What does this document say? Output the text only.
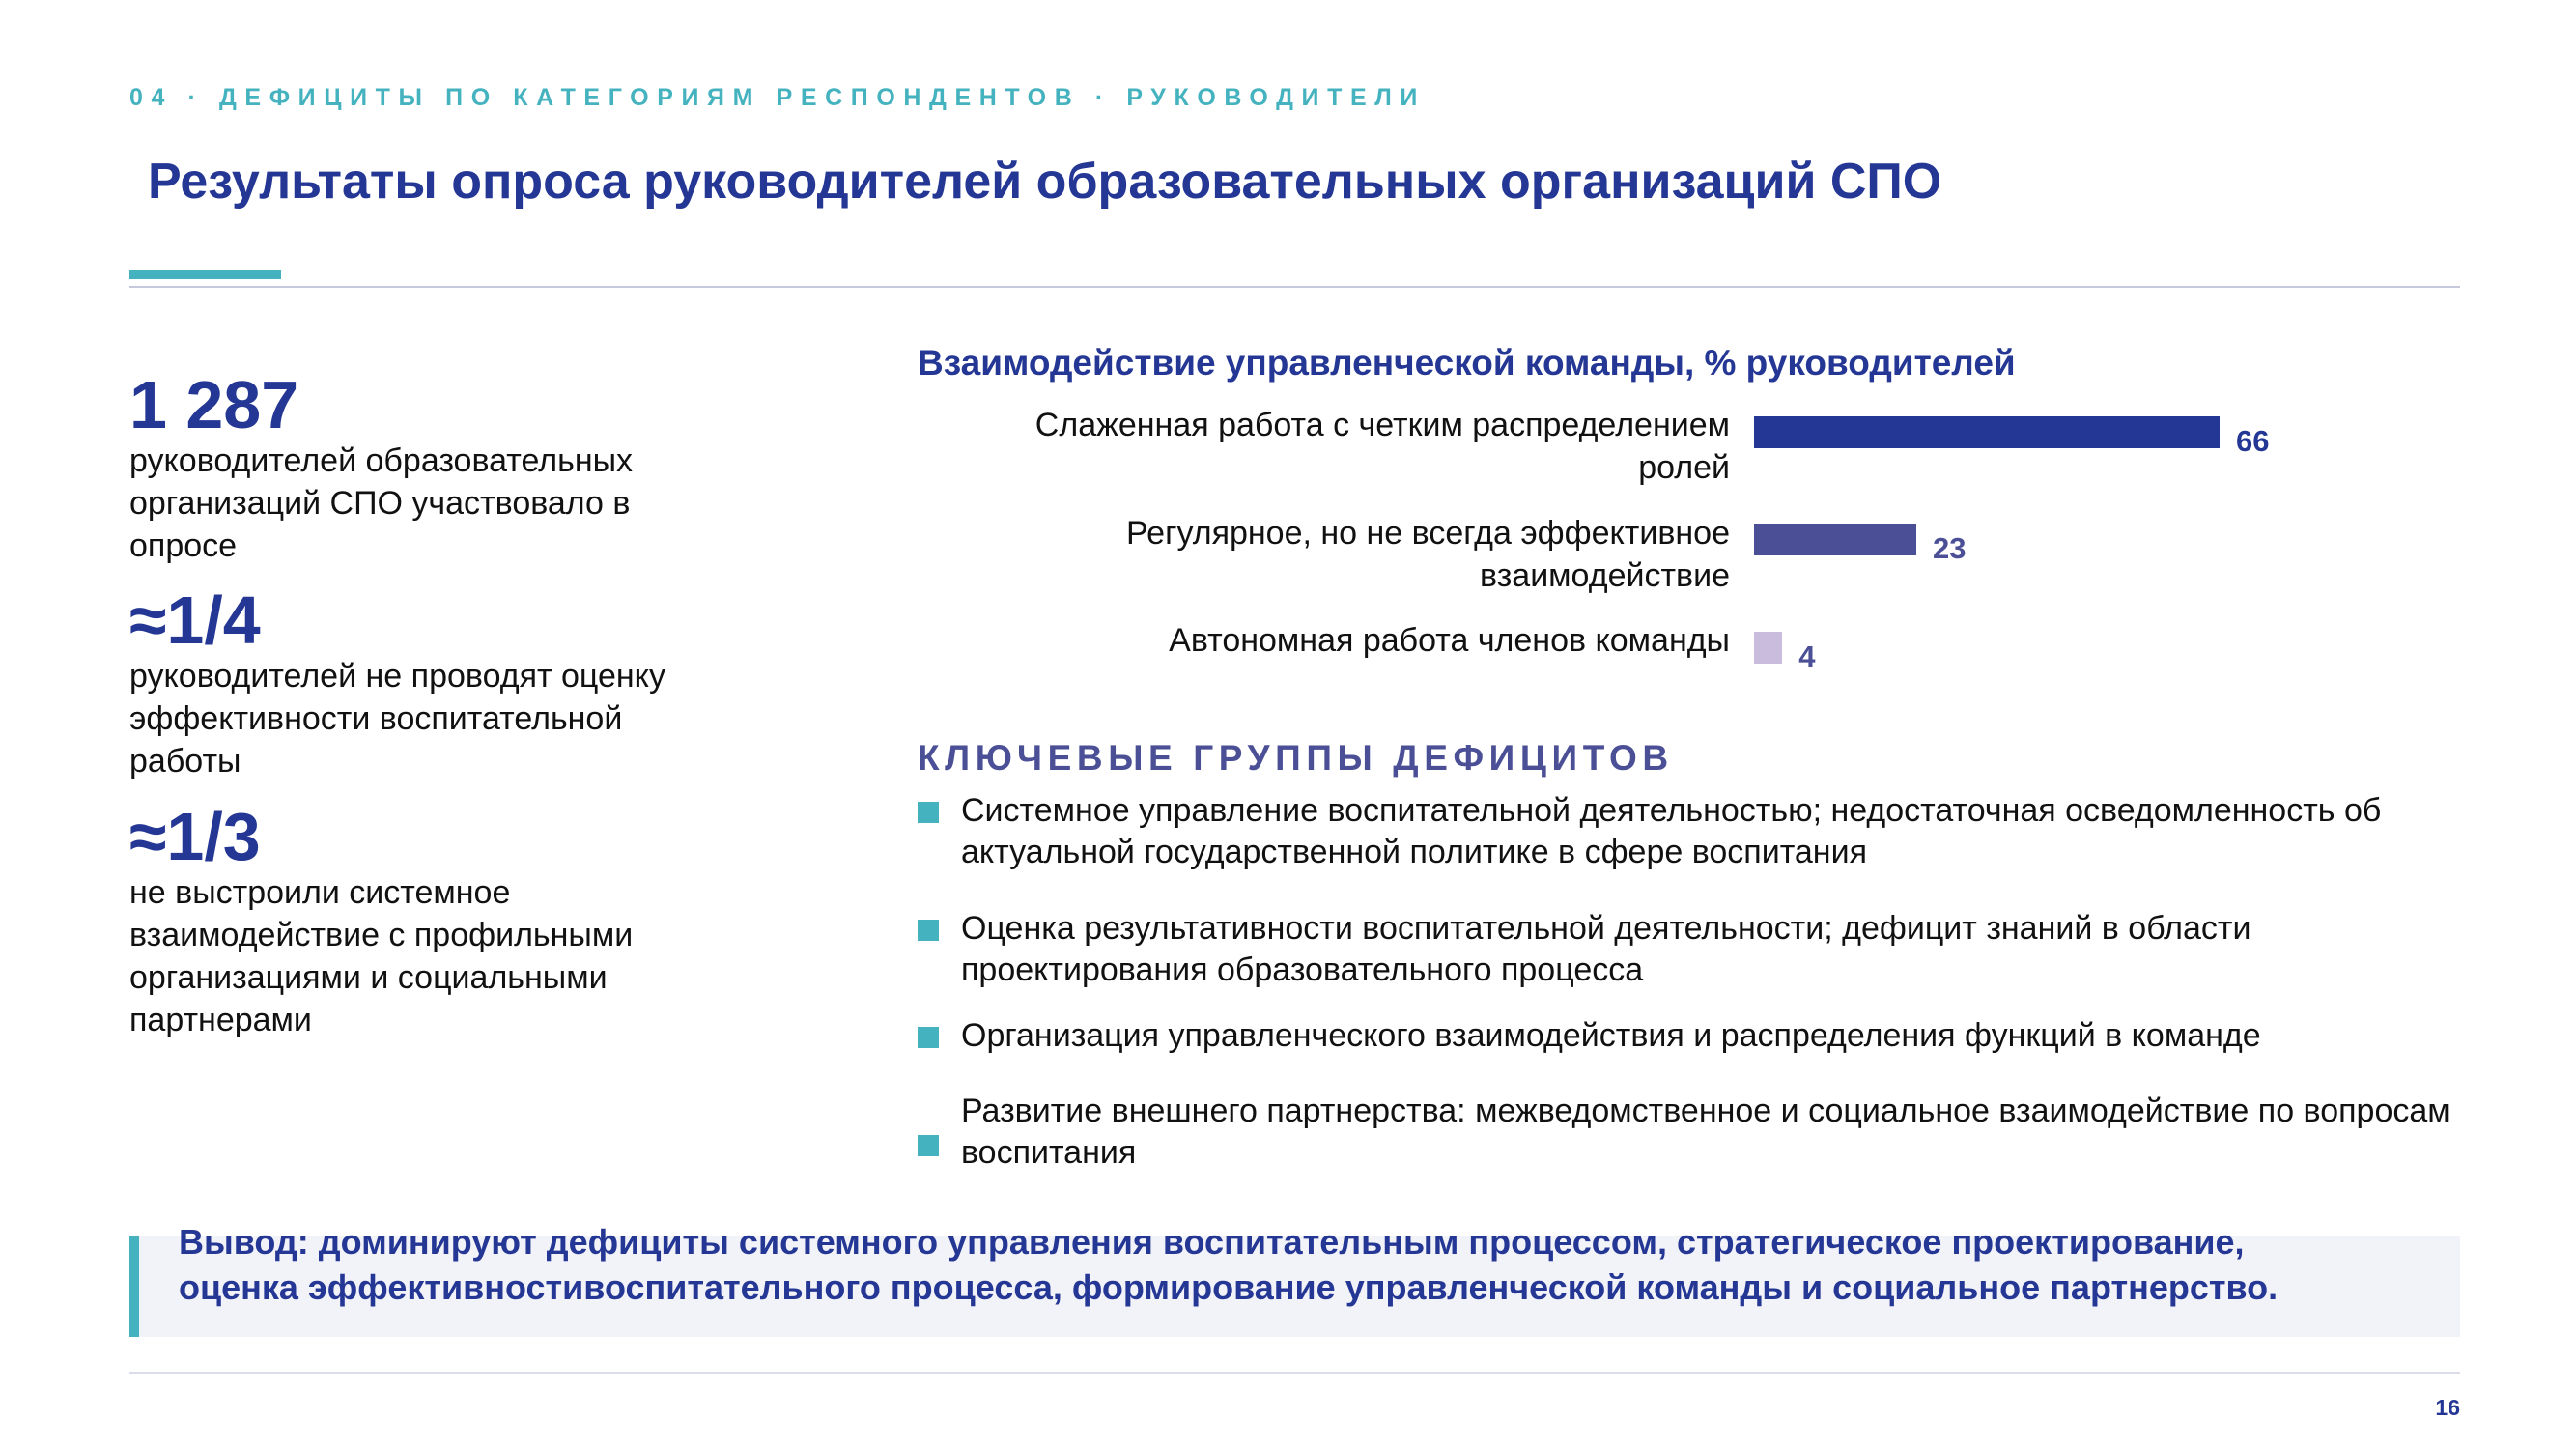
04 · ДЕФИЦИТЫ ПО КАТЕГОРИЯМ РЕСПОНДЕНТОВ · РУКОВОДИТЕЛИ
Результаты опроса руководителей образовательных организаций СПО
1 287
руководителей образовательных организаций СПО участвовало в опросе
≈1/4
руководителей не проводят оценку эффективности воспитательной работы
≈1/3
не выстроили системное взаимодействие с профильными организациями и социальными партнерами
Взаимодействие управленческой команды, % руководителей
Слаженная работа с четким распределением ролей
66
Регулярное, но не всегда эффективное взаимодействие
23
Автономная работа членов команды 4
КЛЮЧЕВЫЕ ГРУППЫ ДЕФИЦИТОВ
Системное управление воспитательной деятельностью; недостаточная осведомленность об актуальной государственной политике в сфере воспитания
Оценка результативности воспитательной деятельности; дефицит знаний в области проектирования образовательного процесса
Организация управленческого взаимодействия и распределения функций в команде
Развитие внешнего партнерства: межведомственное и социальное взаимодействие по вопросам воспитания
Вывод: доминируют дефициты системного управления воспитательным процессом, стратегическое проектирование, оценка эффективностивоспитательного процесса, формирование управленческой команды и социальное партнерство.
16
